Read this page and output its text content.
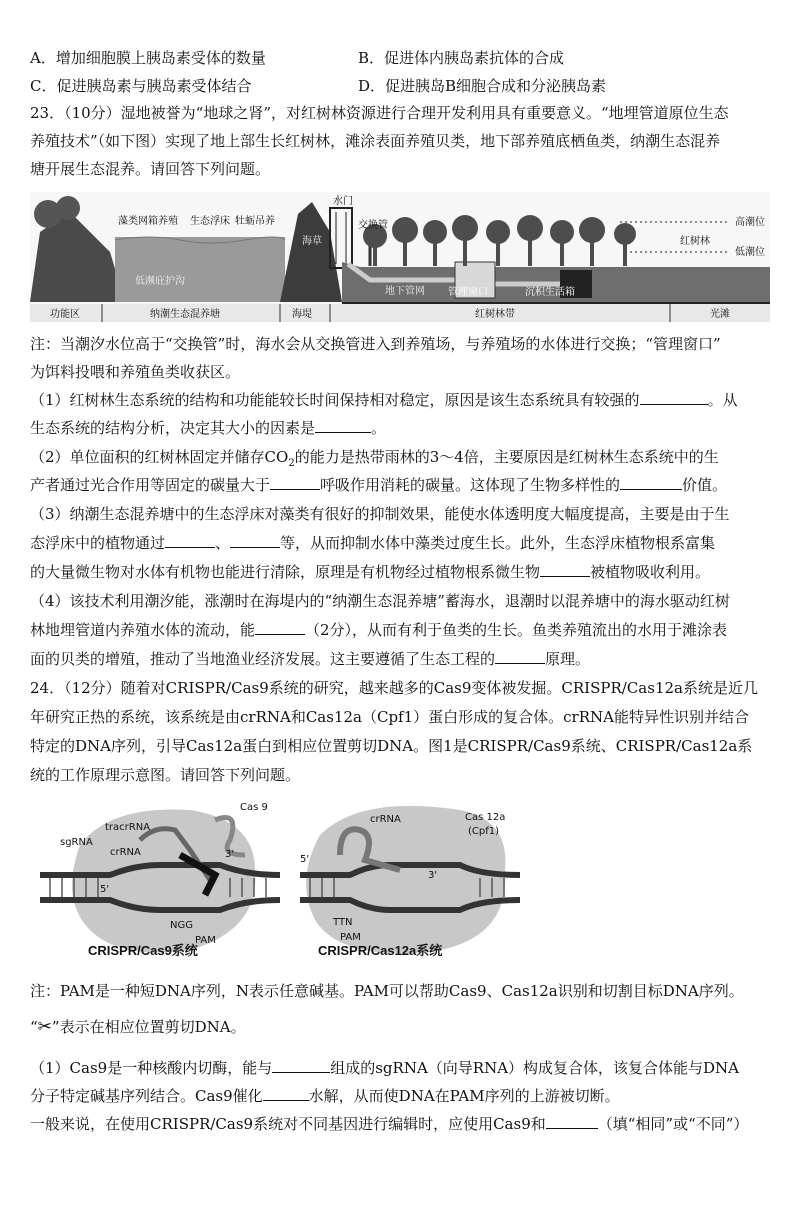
A．增加细胞膜上胰岛素受体的数量	B．促进体内胰岛素抗体的合成
C．促进胰岛素与胰岛素受体结合	D．促进胰岛B细胞合成和分泌胰岛素
23．（10分）湿地被誉为“地球之肾”，对红树林资源进行合理开发利用具有重要意义。“地埋管道原位生态
养殖技术”（如下图）实现了地上部生长红树林，滩涂表面养殖贝类，地下部养殖底栖鱼类，纳潮生态混养
塘开展生态混养。请回答下列问题。
藻类网箱养殖 生态浮床 牡蛎吊养
水门
交换管	高潮位
低潮位
海草
低濒庇护沟
地下管网 管理窗口	沉积生活箱
红树林
功能区	纳潮生态混养塘	海堤	红树林带	光滩
注：当潮汐水位高于“交换管”时，海水会从交换管进入到养殖场，与养殖场的水体进行交换；“管理窗口”
为饵料投喂和养殖鱼类收获区。
（1）红树林生态系统的结构和功能能较长时间保持相对稳定，原因是该生态系统具有较强的	。从
生态系统的结构分析，决定其大小的因素是	。
（2）单位面积的红树林固定并储存$CO_2$的能力是热带雨林的3～4倍，主要原因是红树林生态系统中的生
产者通过光合作用等固定的碳量大于	呼吸作用消耗的碳量。这体现了生物多样性的	价值。
（3）纳潮生态混养塘中的生态浮床对藻类有很好的抑制效果，能使水体透明度大幅度提高，主要是由于生
态浮床中的植物通过	、	等，从而抑制水体中藻类过度生长。此外，生态浮床植物根系富集
的大量微生物对水体有机物也能进行清除，原理是有机物经过植物根系微生物	被植物吸收利用。
（4）该技术利用潮汐能，涨潮时在海堤内的“纳潮生态混养塘”蓄海水，退潮时以混养塘中的海水驱动红树
林地埋管道内养殖水体的流动，能	（2分），从而有利于鱼类的生长。鱼类养殖流出的水用于滩涂表
面的贝类的增殖，推动了当地渔业经济发展。这主要遵循了生态工程的	原理。
24．（12分）随着对CRISPR/Cas9系统的研究，越来越多的Cas9变体被发掘。CRISPR/Cas12a系统是近几
年研究正热的系统，该系统是由crRNA和Cas12a（Cpf1）蛋白形成的复合体。crRNA能特异性识别并结合
特定的DNA序列，引导Cas12a蛋白到相应位置剪切DNA。图1是CRISPR/Cas9系统、CRISPR/Cas12a系
统的工作原理示意图。请回答下列问题。
Cas 9
sgRNA
tracrRNA
crRNA	3'
5'
NGG
PAM
Cas 12a
(Cpf1)
crRNA
5'
3'
TTN
PAM
CRISPR/Cas9系统	CRISPR/Cas12a系统
注：PAM是一种短DNA序列，N表示任意碱基。PAM可以帮助Cas9、Cas12a识别和切割目标DNA序列。
“✂”表示在相应位置剪切DNA。
（1）Cas9是一种核酸内切酶，能与	组成的sgRNA（向导RNA）构成复合体，该复合体能与DNA
分子特定碱基序列结合。Cas9催化	水解，从而使DNA在PAM序列的上游被切断。
一般来说，在使用CRISPR/Cas9系统对不同基因进行编辑时，应使用Cas9和	（填“相同”或“不同”）
